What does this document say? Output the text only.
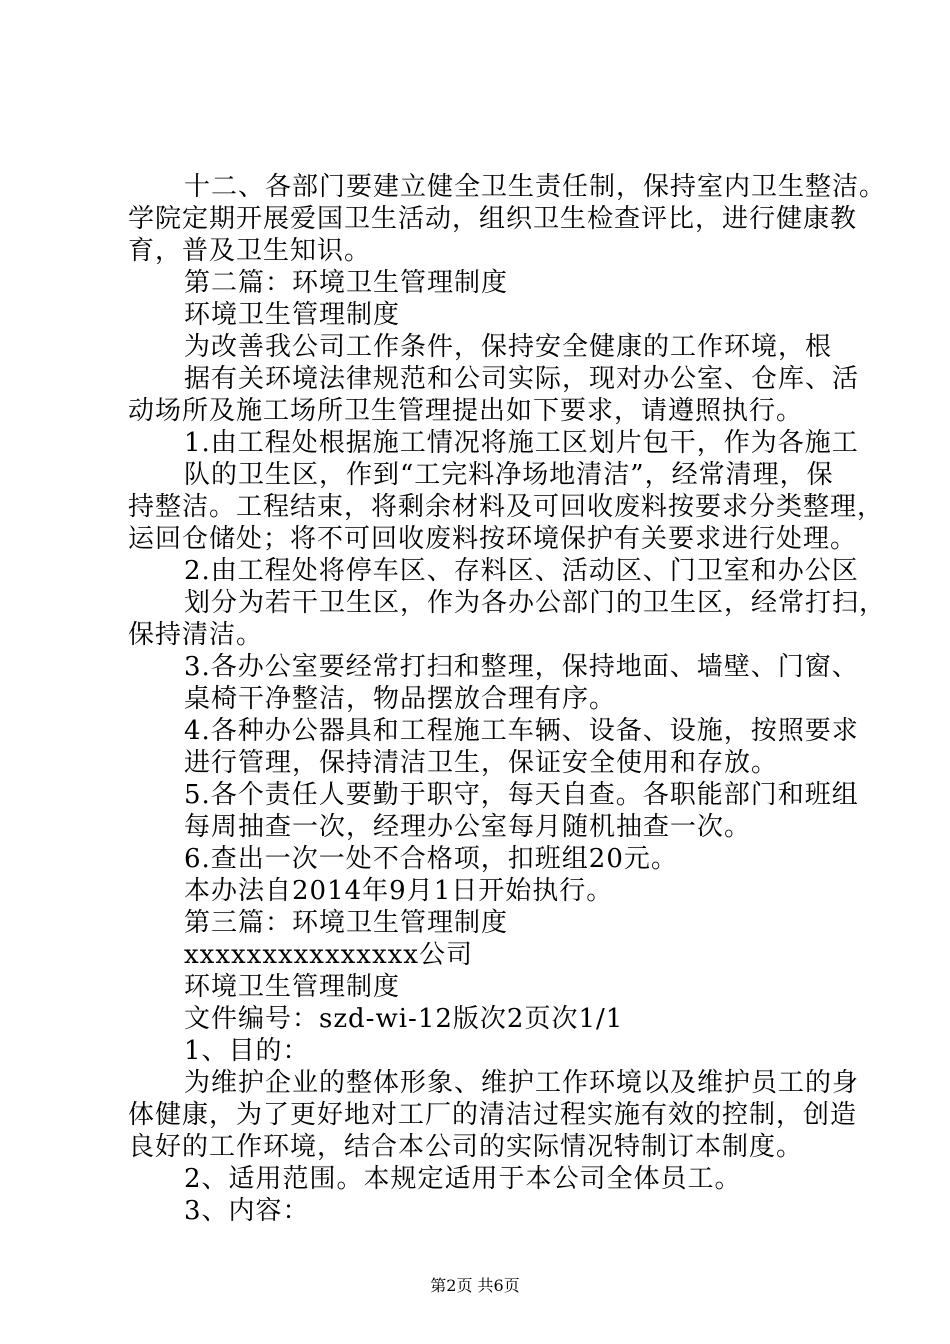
十二、各部门要建立健全卫生责任制，保持室内卫生整洁。
学院定期开展爱国卫生活动，组织卫生检查评比，进行健康教
育，普及卫生知识。
第二篇：环境卫生管理制度
环境卫生管理制度
为改善我公司工作条件，保持安全健康的工作环境，根
据有关环境法律规范和公司实际，现对办公室、仓库、活
动场所及施工场所卫生管理提出如下要求，请遵照执行。
1.由工程处根据施工情况将施工区划片包干，作为各施工
队的卫生区，作到“工完料净场地清洁”，经常清理，保
持整洁。工程结束，将剩余材料及可回收废料按要求分类整理，
运回仓储处；将不可回收废料按环境保护有关要求进行处理。
2.由工程处将停车区、存料区、活动区、门卫室和办公区
划分为若干卫生区，作为各办公部门的卫生区，经常打扫，
保持清洁。
3.各办公室要经常打扫和整理，保持地面、墙壁、门窗、
桌椅干净整洁，物品摆放合理有序。
4.各种办公器具和工程施工车辆、设备、设施，按照要求
进行管理，保持清洁卫生，保证安全使用和存放。
5.各个责任人要勤于职守，每天自查。各职能部门和班组
每周抽查一次，经理办公室每月随机抽查一次。
6.查出一次一处不合格项，扣班组20元。
本办法自2014年9月1日开始执行。
第三篇：环境卫生管理制度
xxxxxxxxxxxxxxx公司
环境卫生管理制度
文件编号：szd-wi-12版次2页次1/1
1、目的：
为维护企业的整体形象、维护工作环境以及维护员工的身
体健康，为了更好地对工厂的清洁过程实施有效的控制，创造
良好的工作环境，结合本公司的实际情况特制订本制度。
2、适用范围。本规定适用于本公司全体员工。
3、内容：
第2页 共6页
